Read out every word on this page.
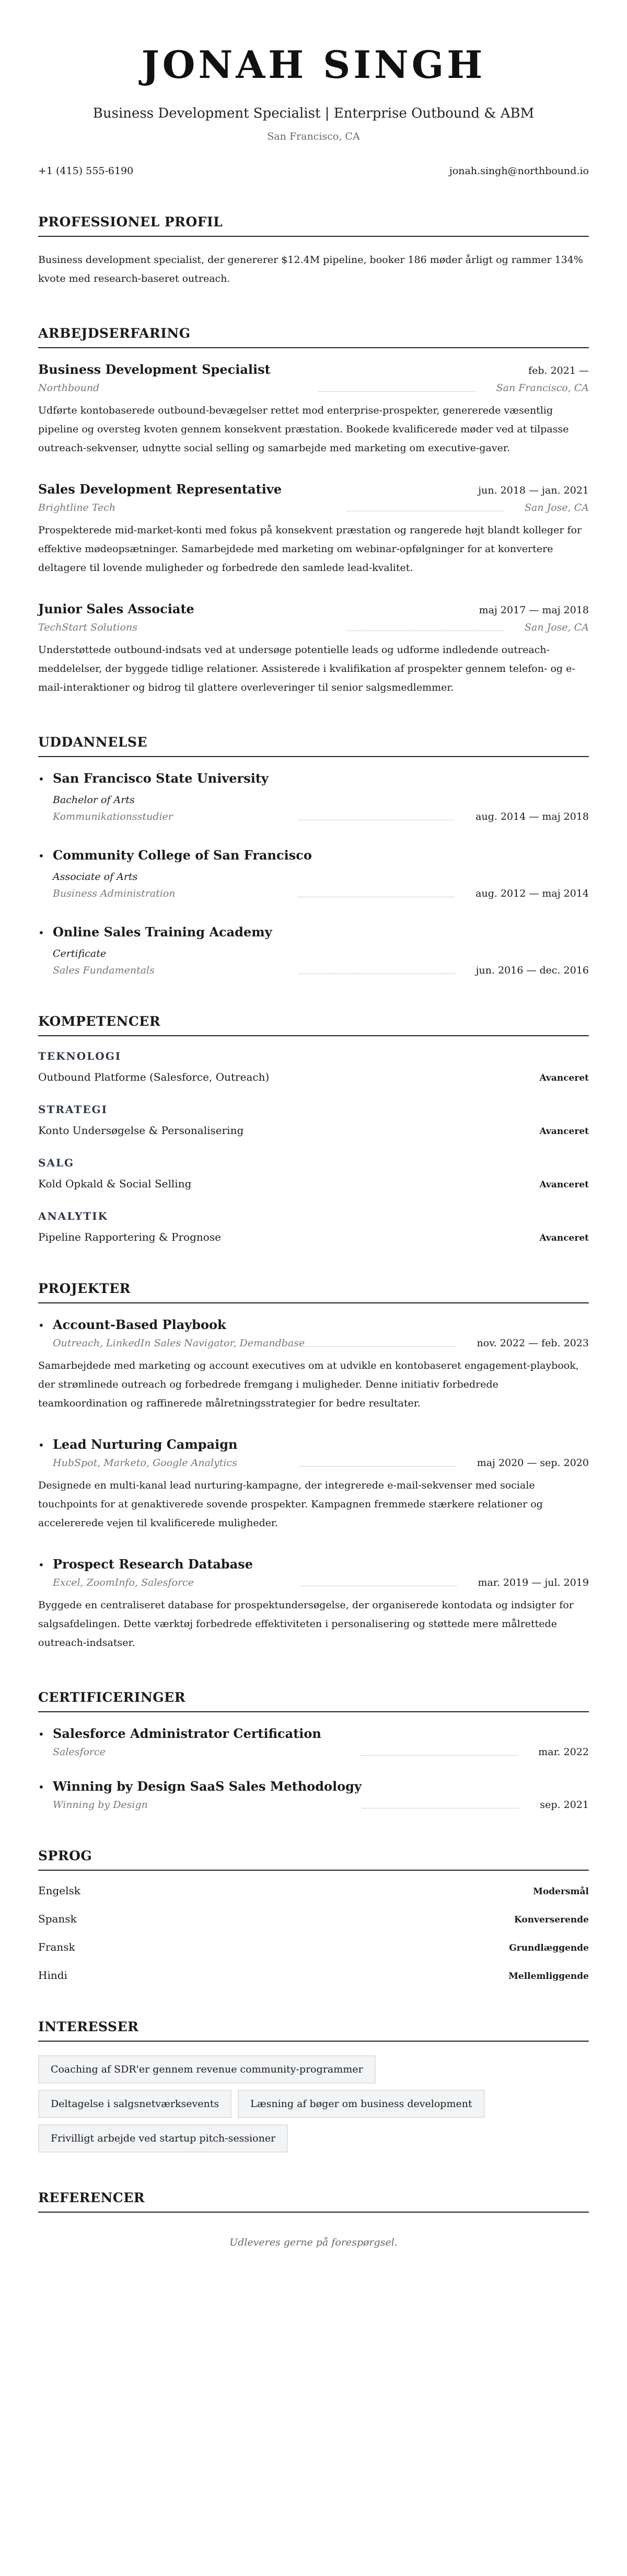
JONAH SINGH
Business Development Specialist | Enterprise Outbound & ABM
San Francisco, CA
+1 (415) 555-6190	jonah.singh@northbound.io
PROFESSIONEL PROFIL

Business development specialist, der genererer $12.4M pipeline, booker 186 møder årligt og rammer 134% kvote med research-baseret outreach.

ARBEJDSERFARING
Business Development Specialist	feb. 2021 —
Northbound	San Francisco, CA

Udførte kontobaserede outbound-bevægelser rettet mod enterprise-prospekter, genererede væsentlig pipeline og oversteg kvoten gennem konsekvent præstation. Bookede kvalificerede møder ved at tilpasse outreach-sekvenser, udnytte social selling og samarbejde med marketing om executive-gaver.

Sales Development Representative	jun. 2018 — jan. 2021
Brightline Tech	San Jose, CA

Prospekterede mid-market-konti med fokus på konsekvent præstation og rangerede højt blandt kolleger for effektive mødeopsætninger. Samarbejdede med marketing om webinar-opfølgninger for at konvertere deltagere til lovende muligheder og forbedrede den samlede lead-kvalitet.

Junior Sales Associate	maj 2017 — maj 2018
TechStart Solutions	San Jose, CA

Understøttede outbound-indsats ved at undersøge potentielle leads og udforme indledende outreach-meddelelser, der byggede tidlige relationer. Assisterede i kvalifikation af prospekter gennem telefon- og e-mail-interaktioner og bidrog til glattere overleveringer til senior salgsmedlemmer.

UDDANNELSE
• San Francisco State University
Bachelor of Arts
Kommunikationsstudier	aug. 2014 — maj 2018
• Community College of San Francisco
Associate of Arts
Business Administration	aug. 2012 — maj 2014
• Online Sales Training Academy
Certificate
Sales Fundamentals	jun. 2016 — dec. 2016
KOMPETENCER
TEKNOLOGI
Outbound Platforme (Salesforce, Outreach)	Avanceret
STRATEGI
Konto Undersøgelse & Personalisering	Avanceret
SALG
Kold Opkald & Social Selling	Avanceret
ANALYTIK
Pipeline Rapportering & Prognose	Avanceret
PROJEKTER
• Account-Based Playbook
Outreach, LinkedIn Sales Navigator, Demandbase	nov. 2022 — feb. 2023

Samarbejdede med marketing og account executives om at udvikle en kontobaseret engagement-playbook, der strømlinede outreach og forbedrede fremgang i muligheder. Denne initiativ forbedrede teamkoordination og raffinerede målretningsstrategier for bedre resultater.

• Lead Nurturing Campaign
HubSpot, Marketo, Google Analytics	maj 2020 — sep. 2020

Designede en multi-kanal lead nurturing-kampagne, der integrerede e-mail-sekvenser med sociale touchpoints for at genaktiverede sovende prospekter. Kampagnen fremmede stærkere relationer og accelererede vejen til kvalificerede muligheder.

• Prospect Research Database
Excel, ZoomInfo, Salesforce	mar. 2019 — jul. 2019

Byggede en centraliseret database for prospektundersøgelse, der organiserede kontodata og indsigter for salgsafdelingen. Dette værktøj forbedrede effektiviteten i personalisering og støttede mere målrettede outreach-indsatser.

CERTIFICERINGER
• Salesforce Administrator Certification
Salesforce	mar. 2022
• Winning by Design SaaS Sales Methodology
Winning by Design	sep. 2021
SPROG
Engelsk	Modersmål
Spansk	Konverserende
Fransk	Grundlæggende
Hindi	Mellemliggende
INTERESSER
Coaching af SDR'er gennem revenue community-programmer
Deltagelse i salgsnetværksevents	Læsning af bøger om business development
Frivilligt arbejde ved startup pitch-sessioner
REFERENCER

Udleveres gerne på forespørgsel.
